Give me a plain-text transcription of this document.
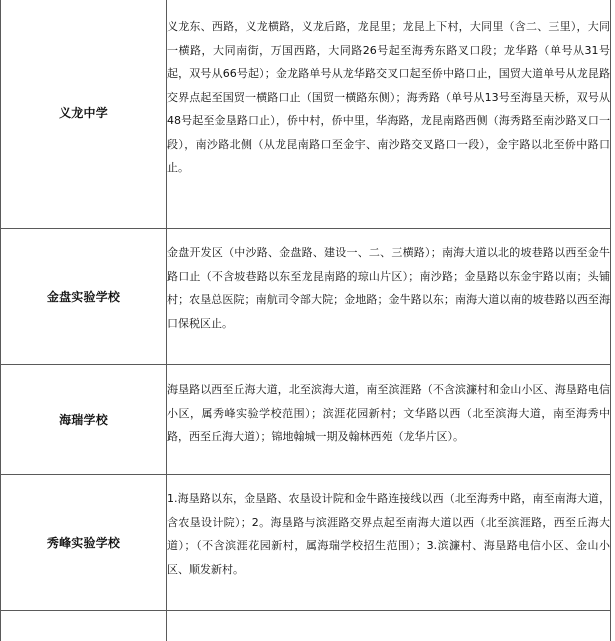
义龙中学
义龙东、西路，义龙横路，义龙后路，龙昆里；龙昆上下村，大同里（含二、三里），大同一横路，大同南街，万国西路，大同路26号起至海秀东路叉口段；龙华路（单号从31号起，双号从66号起）；金龙路单号从龙华路交叉口起至侨中路口止，国贸大道单号从龙昆路交界点起至国贸一横路口止（国贸一横路东侧）；海秀路（单号从13号至海垦天桥，双号从48号起至金垦路口止），侨中村，侨中里，华海路，龙昆南路西侧（海秀路至南沙路叉口一段），南沙路北侧（从龙昆南路口至金宇、南沙路交叉路口一段），金宇路以北至侨中路口止。
金盘实验学校
金盘开发区（中沙路、金盘路、建设一、二、三横路）；南海大道以北的坡巷路以西至金牛路口止（不含坡巷路以东至龙昆南路的琼山片区）；南沙路；金垦路以东金宇路以南；头铺村；农垦总医院；南航司令部大院；金地路；金牛路以东；南海大道以南的坡巷路以西至海口保税区止。
海瑞学校
海垦路以西至丘海大道，北至滨海大道，南至滨涯路（不含滨濂村和金山小区、海垦路电信小区，属秀峰实验学校范围）；滨涯花园新村；文华路以西（北至滨海大道，南至海秀中路，西至丘海大道）；锦地翰城一期及翰林西苑（龙华片区）。
秀峰实验学校
1.海垦路以东，金垦路、农垦设计院和金牛路连接线以西（北至海秀中路，南至南海大道，含农垦设计院）；2。海垦路与滨涯路交界点起至南海大道以西（北至滨涯路，西至丘海大道）；（不含滨涯花园新村，属海瑞学校招生范围）；3.滨濂村、海垦路电信小区、金山小区、顺发新村。
